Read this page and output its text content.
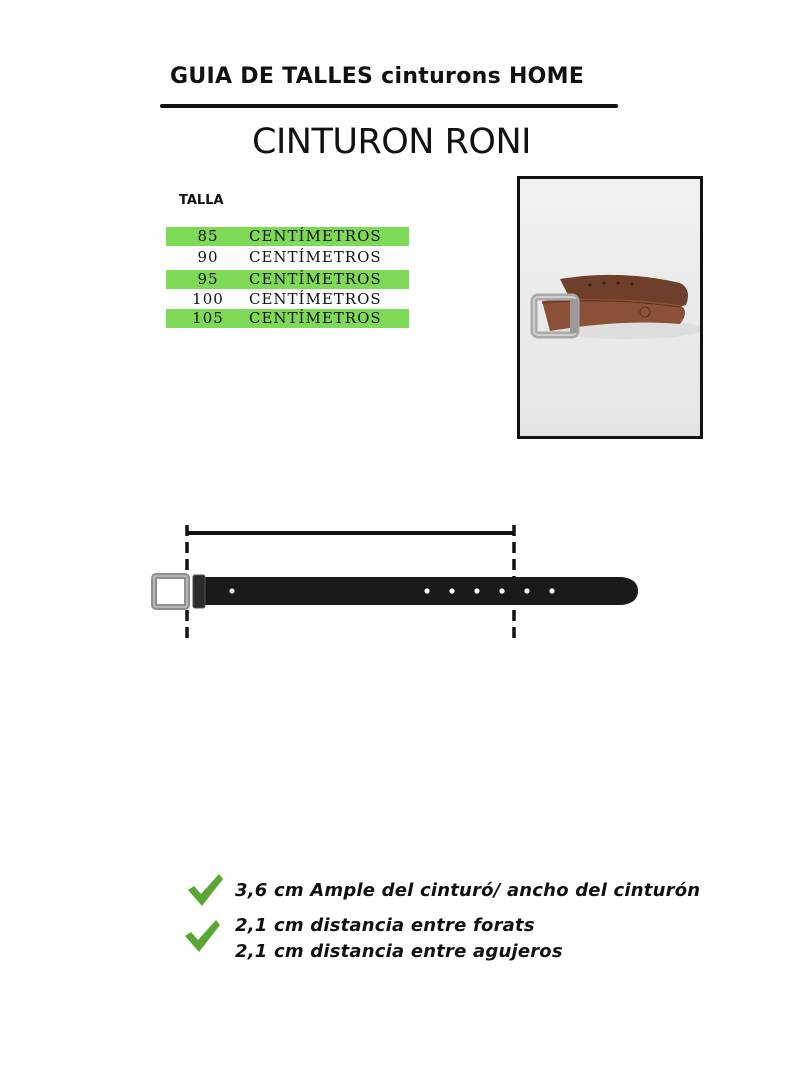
GUIA DE TALLES cinturons HOME
CINTURON RONI
TALLA
85	CENTÍMETROS
90	CENTÍMETROS
95	CENTÍMETROS
100	CENTÍMETROS
105	CENTÍMETROS
3,6 cm Ample del cinturó/ ancho del cinturón
2,1 cm distancia entre forats
2,1 cm distancia entre agujeros
